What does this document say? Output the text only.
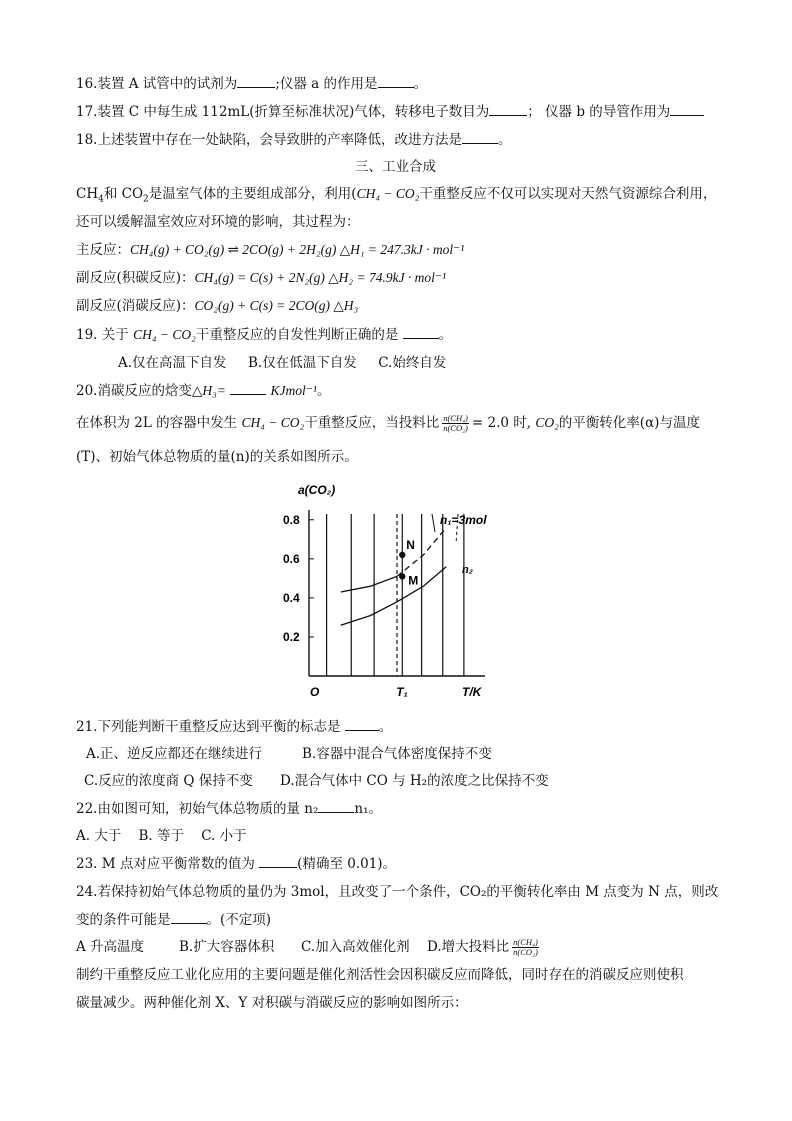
16.装置 A 试管中的试剂为	;仪器 a 的作用是	。
17.装置 C 中每生成 112mL(折算至标准状况)气体，转移电子数目为	； 仪器 b 的导管作用为
18.上述装置中存在一处缺陷，会导致肼的产率降低，改进方法是	。
三、工业合成
$CH_4$和 $CO_2$是温室气体的主要组成部分，利用(CH₄ − CO₂干重整反应不仅可以实现对天然气资源综合利用，
还可以缓解温室效应对环境的影响，其过程为：
主反应：CH₄(g) + CO₂(g) ⇌ 2CO(g) + 2H₂(g) △H₁ = 247.3kJ · mol⁻¹
副反应(积碳反应)：CH₄(g) = C(s) + 2N₂(g) △H₂ = 74.9kJ · mol⁻¹
副反应(消碳反应)：CO₂(g) + C(s) = 2CO(g) △H₃
19. 关于 CH₄ − CO₂干重整反应的自发性判断正确的是	。
A.仅在高温下自发 B.仅在低温下自发 C.始终自发
20.消碳反应的焓变△H₃=	KJmol⁻¹。
在体积为 2L 的容器中发生 CH₄ − CO₂干重整反应，当投料比 $\frac{\text{n(CH₄)}}{\text{n(CO₂)}} = 2.0$ 时, CO₂的平衡转化率(α)与温度
(T)、初始气体总物质的量(n)的关系如图所示。
0.2
0.4
0.6
0.8
N
M
n₁=3mol
n₂
a(CO₂)
T/K
O	T₁
21.下列能判断干重整反应达到平衡的标志是	。
A.正、逆反应都还在继续进行	B.容器中混合气体密度保持不变
C.反应的浓度商 Q 保持不变 D.混合气体中 CO 与 H₂的浓度之比保持不变
22.由如图可知，初始气体总物质的量 n₂	n₁。
A. 大于 B. 等于 C. 小于
23. M 点对应平衡常数的值为	(精确至 0.01)。
24.若保持初始气体总物质的量仍为 3mol，且改变了一个条件，CO₂的平衡转化率由 M 点变为 N 点，则改
变的条件可能是	。(不定项)
A 升高温度	B.扩大容器体积 C.加入高效催化剂 D.增大投料比 $\frac{\text{n(CH₄)}}{\text{n(CO₂)}}$
制约干重整反应工业化应用的主要问题是催化剂活性会因积碳反应而降低，同时存在的消碳反应则使积
碳量减少。两种催化剂 X、Y 对积碳与消碳反应的影响如图所示：
